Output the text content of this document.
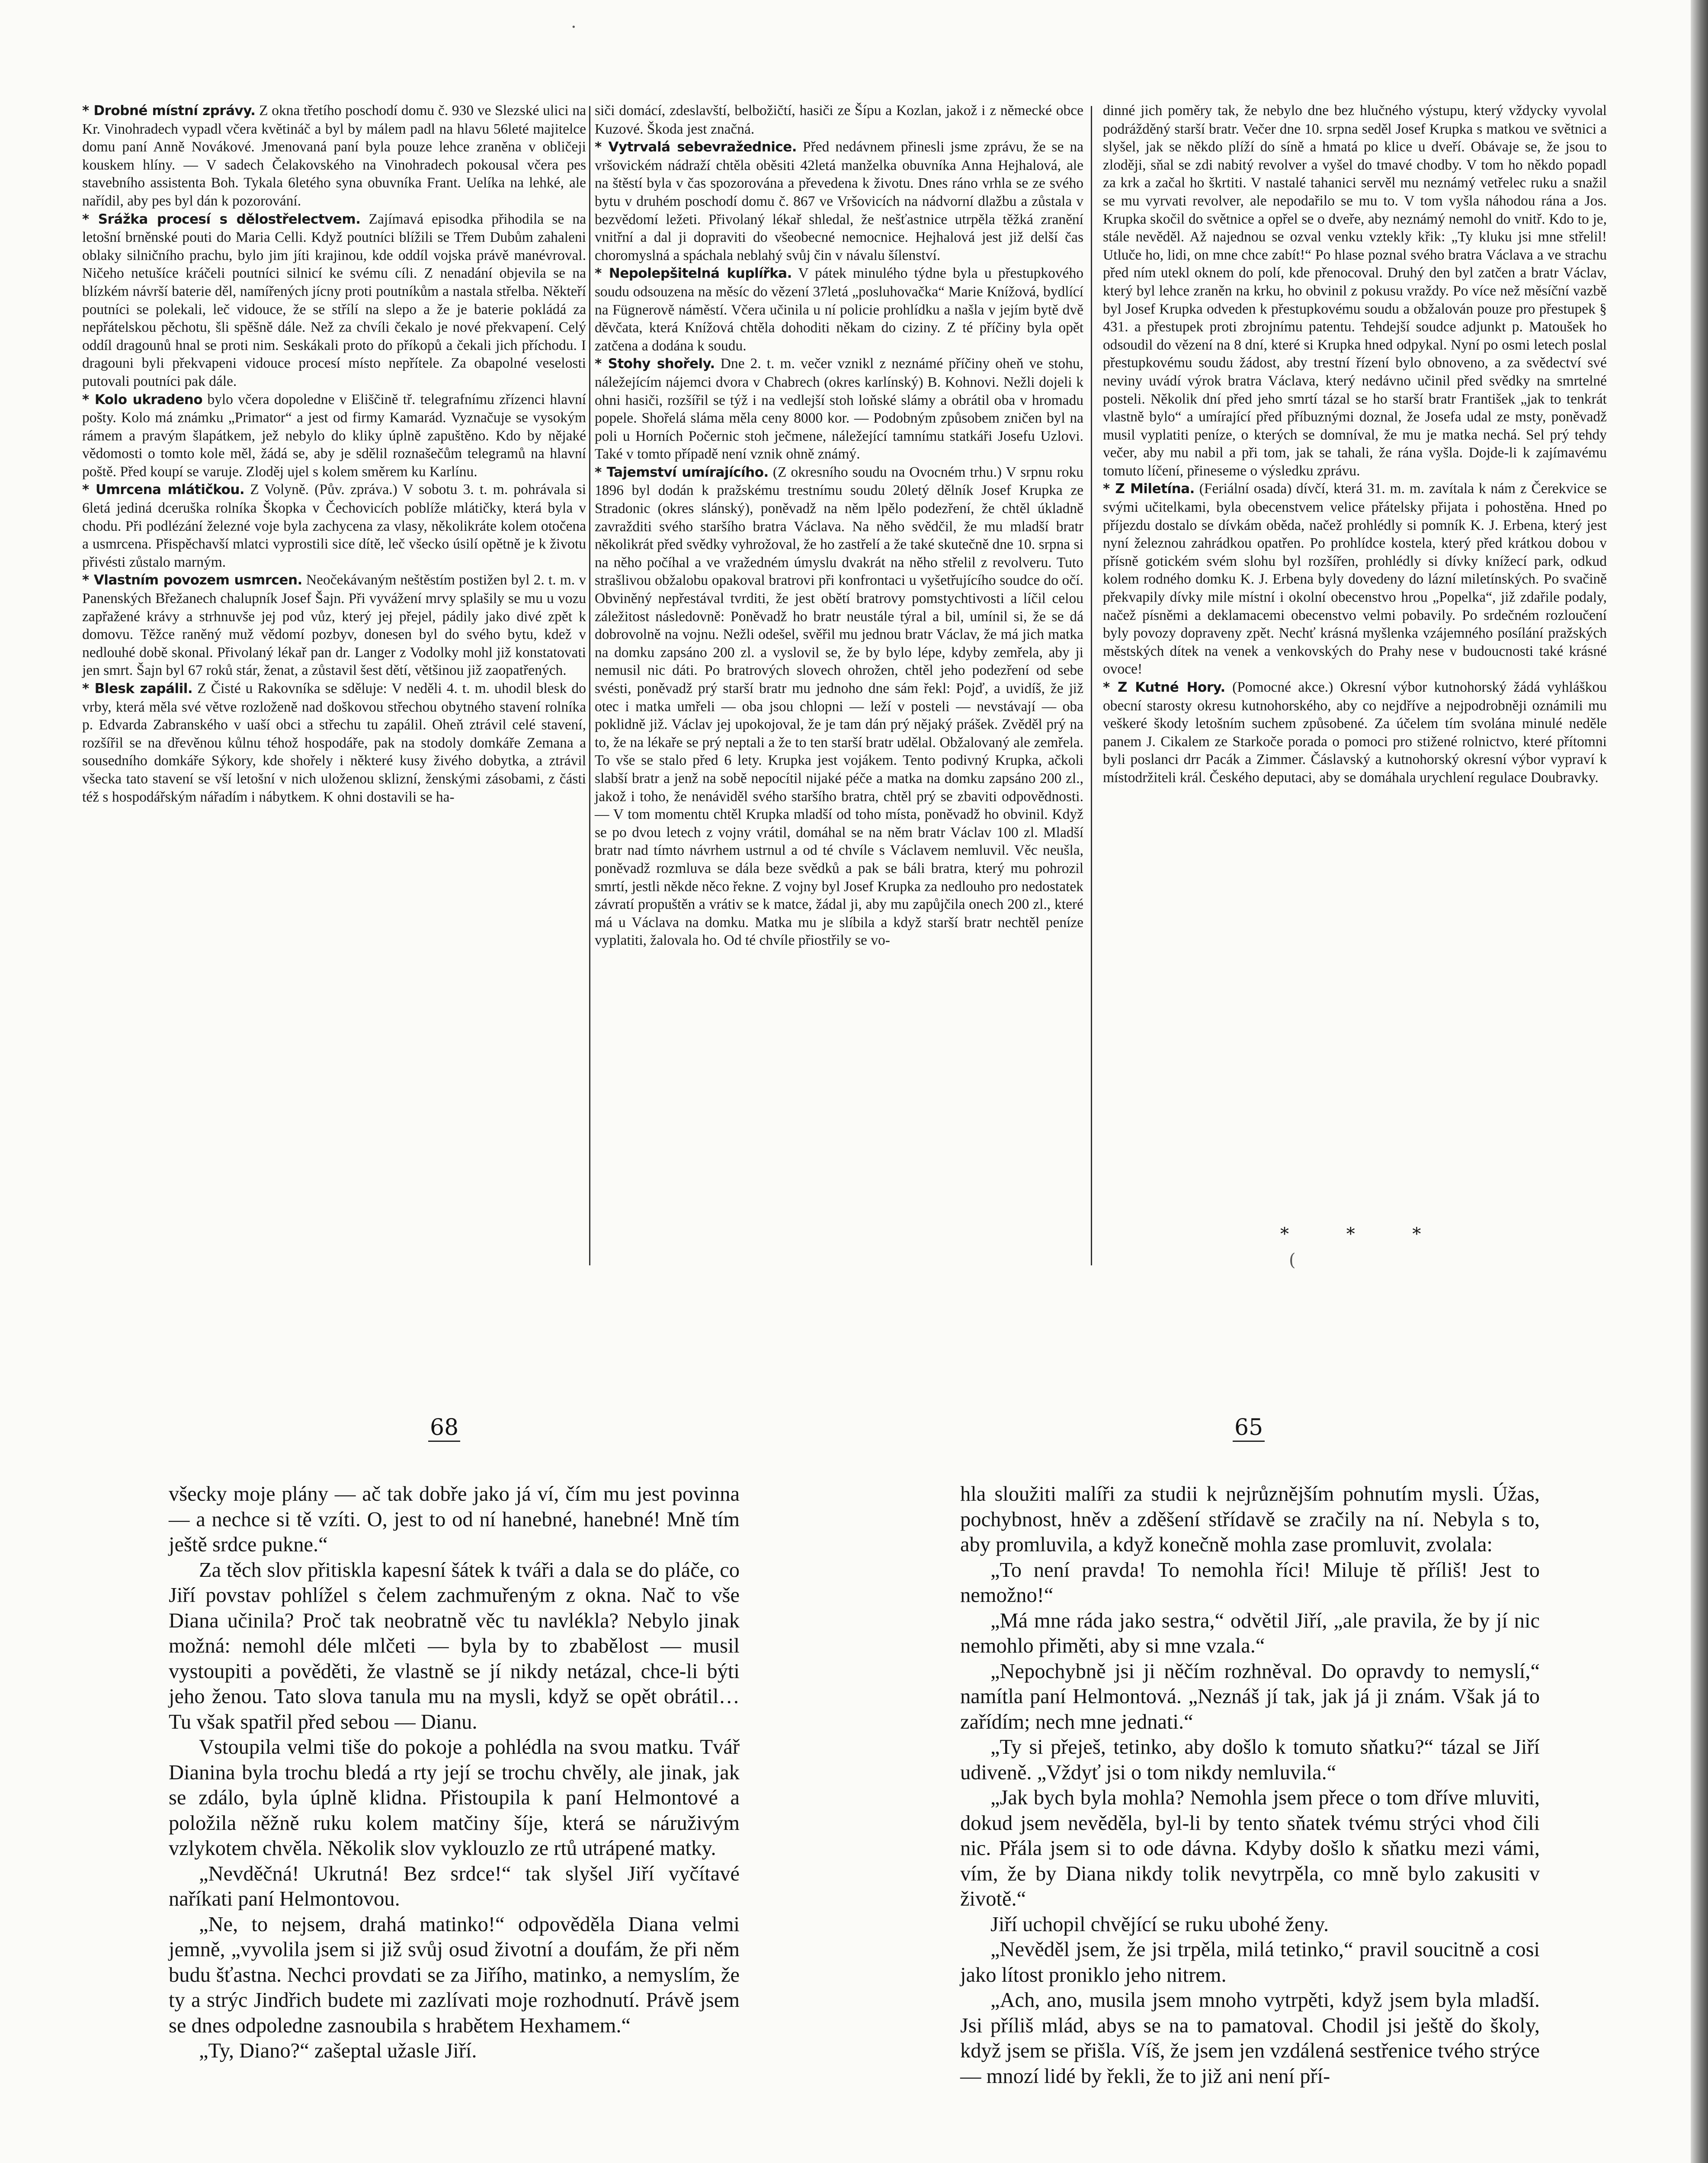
·
(

* Drobné místní zprávy. Z okna třetího poschodí domu č. 930 ve Slezské ulici na Kr. Vinohradech vypadl včera květináč a byl by málem padl na hlavu 56leté majitelce domu paní Anně Novákové. Jmenovaná paní byla pouze lehce zraněna v obličeji kouskem hlíny. — V sadech Čelakovského na Vinohradech pokousal včera pes stavebního assistenta Boh. Tykala 6letého syna obuvníka Frant. Uelíka na lehké, ale nařídil, aby pes byl dán k pozorování.

* Srážka procesí s dělostřelectvem. Zajímavá episodka přihodila se na letošní brněnské pouti do Maria Celli. Když poutníci blížili se Třem Dubům zahaleni oblaky silničního prachu, bylo jim jíti krajinou, kde oddíl vojska právě manévroval. Ničeho netušíce kráčeli poutníci silnicí ke svému cíli. Z nenadání objevila se na blízkém návrší baterie děl, namířených jícny proti poutníkům a nastala střelba. Někteří poutníci se polekali, leč vidouce, že se střílí na slepo a že je baterie pokládá za nepřátelskou pěchotu, šli spěšně dále. Než za chvíli čekalo je nové překvapení. Celý oddíl dragounů hnal se proti nim. Seskákali proto do příkopů a čekali jich příchodu. I dragouni byli překvapeni vidouce procesí místo nepřítele. Za obapolné veselosti putovali poutníci pak dále.

* Kolo ukradeno bylo včera dopoledne v Eliščině tř. telegrafnímu zřízenci hlavní pošty. Kolo má známku „Primator“ a jest od firmy Kamarád. Vyznačuje se vysokým rámem a pravým šlapátkem, jež nebylo do kliky úplně zapuštěno. Kdo by nějaké vědomosti o tomto kole měl, žádá se, aby je sdělil roznašečům telegramů na hlavní poště. Před koupí se varuje. Zloděj ujel s kolem směrem ku Karlínu.

* Umrcena mlátičkou. Z Volyně. (Pův. zpráva.) V sobotu 3. t. m. pohrávala si 6letá jediná dceruška rolníka Škopka v Čechovicích poblíže mlátičky, která byla v chodu. Při podlézání železné voje byla zachycena za vlasy, několikráte kolem otočena a usmrcena. Přispěchavší mlatci vyprostili sice dítě, leč všecko úsilí opětně je k životu přivésti zůstalo marným.

* Vlastním povozem usmrcen. Neočekávaným neštěstím postižen byl 2. t. m. v Panenských Břežanech chalupník Josef Šajn. Při vyvážení mrvy splašily se mu u vozu zapřažené krávy a strhnuvše jej pod vůz, který jej přejel, pádily jako divé zpět k domovu. Těžce raněný muž vědomí pozbyv, donesen byl do svého bytu, kdež v nedlouhé době skonal. Přivolaný lékař pan dr. Langer z Vodolky mohl již konstatovati jen smrt. Šajn byl 67 roků stár, ženat, a zůstavil šest dětí, většinou již zaopatřených.

* Blesk zapálil. Z Čisté u Rakovníka se sděluje: V neděli 4. t. m. uhodil blesk do vrby, která měla své větve rozloženě nad doškovou střechou obytného stavení rolníka p. Edvarda Zabranského v uaší obci a střechu tu zapálil. Oheň ztrávil celé stavení, rozšířil se na dřevěnou kůlnu téhož hospodáře, pak na stodoly domkáře Zemana a sousedního domkáře Sýkory, kde shořely i některé kusy živého dobytka, a ztrávil všecka tato stavení se vší letošní v nich uloženou sklizní, ženskými zásobami, z části též s hospodářským nářadím i nábytkem. K ohni dostavili se ha-

siči domácí, zdeslavští, belbožičtí, hasiči ze Šípu a Kozlan, jakož i z německé obce Kuzové. Škoda jest značná.

* Vytrvalá sebevražednice. Před nedávnem přinesli jsme zprávu, že se na vršovickém nádraží chtěla oběsiti 42letá manželka obuvníka Anna Hejhalová, ale na štěstí byla v čas spozorována a převedena k životu. Dnes ráno vrhla se ze svého bytu v druhém poschodí domu č. 867 ve Vršovicích na nádvorní dlažbu a zůstala v bezvědomí ležeti. Přivolaný lékař shledal, že nešťastnice utrpěla těžká zranění vnitřní a dal ji dopraviti do všeobecné nemocnice. Hejhalová jest již delší čas choromyslná a spáchala neblahý svůj čin v návalu šílenství.

* Nepolepšitelná kuplířka. V pátek minulého týdne byla u přestupkového soudu odsouzena na měsíc do vězení 37letá „posluhovačka“ Marie Knížová, bydlící na Fügnerově náměstí. Včera učinila u ní policie prohlídku a našla v jejím bytě dvě děvčata, která Knížová chtěla dohoditi někam do ciziny. Z té příčiny byla opět zatčena a dodána k soudu.

* Stohy shořely. Dne 2. t. m. večer vznikl z neznámé příčiny oheň ve stohu, náležejícím nájemci dvora v Chabrech (okres karlínský) B. Kohnovi. Nežli dojeli k ohni hasiči, rozšířil se týž i na vedlejší stoh loňské slámy a obrátil oba v hromadu popele. Shořelá sláma měla ceny 8000 kor. — Podobným způsobem zničen byl na poli u Horních Počernic stoh ječmene, náležející tamnímu statkáři Josefu Uzlovi. Také v tomto případě není vznik ohně známý.

* Tajemství umírajícího. (Z okresního soudu na Ovocném trhu.) V srpnu roku 1896 byl dodán k pražskému trestnímu soudu 20letý dělník Josef Krupka ze Stradonic (okres slánský), poněvadž na něm lpělo podezření, že chtěl úkladně zavražditi svého staršího bratra Václava. Na něho svědčil, že mu mladší bratr několikrát před svědky vyhrožoval, že ho zastřelí a že také skutečně dne 10. srpna si na něho počíhal a ve vražedném úmyslu dvakrát na něho střelil z revolveru. Tuto strašlivou obžalobu opakoval bratrovi při konfrontaci u vyšetřujícího soudce do očí. Obviněný nepřestával tvrditi, že jest obětí bratrovy pomstychtivosti a líčil celou záležitost následovně: Poněvadž ho bratr neustále týral a bil, umínil si, že se dá dobrovolně na vojnu. Nežli odešel, svěřil mu jednou bratr Václav, že má jich matka na domku zapsáno 200 zl. a vyslovil se, že by bylo lépe, kdyby zemřela, aby ji nemusil nic dáti. Po bratrových slovech ohrožen, chtěl jeho podezření od sebe svésti, poněvadž prý starší bratr mu jednoho dne sám řekl: Pojď, a uvidíš, že již otec i matka umřeli — oba jsou chlopni — leží v posteli — nevstávají — oba poklidně již. Václav jej upokojoval, že je tam dán prý nějaký prášek. Zvěděl prý na to, že na lékaře se prý neptali a že to ten starší bratr udělal. Obžalovaný ale zemřela. To vše se stalo před 6 lety. Krupka jest vojákem. Tento podivný Krupka, ačkoli slabší bratr a jenž na sobě nepocítil nijaké péče a matka na domku zapsáno 200 zl., jakož i toho, že nenáviděl svého staršího bratra, chtěl prý se zbaviti odpovědnosti. — V tom momentu chtěl Krupka mladší od toho místa, poněvadž ho obvinil. Když se po dvou letech z vojny vrátil, domáhal se na něm bratr Václav 100 zl. Mladší bratr nad tímto návrhem ustrnul a od té chvíle s Václavem nemluvil. Věc neušla, poněvadž rozmluva se dála beze svědků a pak se báli bratra, který mu pohrozil smrtí, jestli někde něco řekne. Z vojny byl Josef Krupka za nedlouho pro nedostatek závratí propuštěn a vrátiv se k matce, žádal ji, aby mu zapůjčila onech 200 zl., které má u Václava na domku. Matka mu je slíbila a když starší bratr nechtěl peníze vyplatiti, žalovala ho. Od té chvíle přiostřily se vo-

dinné jich poměry tak, že nebylo dne bez hlučného výstupu, který vždycky vyvolal podrážděný starší bratr. Večer dne 10. srpna seděl Josef Krupka s matkou ve světnici a slyšel, jak se někdo plíží do síně a hmatá po klice u dveří. Obávaje se, že jsou to zloději, sňal se zdi nabitý revolver a vyšel do tmavé chodby. V tom ho někdo popadl za krk a začal ho škrtiti. V nastalé tahanici servěl mu neznámý vetřelec ruku a snažil se mu vyrvati revolver, ale nepodařilo se mu to. V tom vyšla náhodou rána a Jos. Krupka skočil do světnice a opřel se o dveře, aby neznámý nemohl do vnitř. Kdo to je, stále nevěděl. Až najednou se ozval venku vztekly křik: „Ty kluku jsi mne střelil! Utluče ho, lidi, on mne chce zabít!“ Po hlase poznal svého bratra Václava a ve strachu před ním utekl oknem do polí, kde přenocoval. Druhý den byl zatčen a bratr Václav, který byl lehce zraněn na krku, ho obvinil z pokusu vraždy. Po více než měsíční vazbě byl Josef Krupka odveden k přestupkovému soudu a obžalován pouze pro přestupek § 431. a přestupek proti zbrojnímu patentu. Tehdejší soudce adjunkt p. Matoušek ho odsoudil do vězení na 8 dní, které si Krupka hned odpykal. Nyní po osmi letech poslal přestupkovému soudu žádost, aby trestní řízení bylo obnoveno, a za svědectví své neviny uvádí výrok bratra Václava, který nedávno učinil před svědky na smrtelné posteli. Několik dní před jeho smrtí tázal se ho starší bratr František „jak to tenkrát vlastně bylo“ a umírající před příbuznými doznal, že Josefa udal ze msty, poněvadž musil vyplatiti peníze, o kterých se domníval, že mu je matka nechá. Sel prý tehdy večer, aby mu nabil a při tom, jak se tahali, že rána vyšla. Dojde-li k zajímavému tomuto líčení, přineseme o výsledku zprávu.

* Z Miletína. (Feriální osada) dívčí, která 31. m. m. zavítala k nám z Čerekvice se svými učitelkami, byla obecenstvem velice přátelsky přijata i pohostěna. Hned po příjezdu dostalo se dívkám oběda, načež prohlédly si pomník K. J. Erbena, který jest nyní železnou zahrádkou opatřen. Po prohlídce kostela, který před krátkou dobou v přísně gotickém svém slohu byl rozšířen, prohlédly si dívky knížecí park, odkud kolem rodného domku K. J. Erbena byly dovedeny do lázní miletínských. Po svačině překvapily dívky mile místní i okolní obecenstvo hrou „Popelka“, již zdařile podaly, načež písněmi a deklamacemi obecenstvo velmi pobavily. Po srdečném rozloučení byly povozy dopraveny zpět. Nechť krásná myšlenka vzájemného posílání pražských městských dítek na venek a venkovských do Prahy nese v budoucnosti také krásné ovoce!

* Z Kutné Hory. (Pomocné akce.) Okresní výbor kutnohorský žádá vyhláškou obecní starosty okresu kutnohorského, aby co nejdříve a nejpodrobněji oznámili mu veškeré škody letošním suchem způsobené. Za účelem tím svolána minulé neděle panem J. Cikalem ze Starkoče porada o pomoci pro stižené rolnictvo, které přítomni byli poslanci drr Pacák a Zimmer. Čáslavský a kutnohorský okresní výbor vypraví k místodržiteli král. Českého deputaci, aby se domáhala urychlení regulace Doubravky.

* * *
68	65

všecky moje plány — ač tak dobře jako já ví, čím mu jest povinna — a nechce si tě vzíti. O, jest to od ní hanebné, hanebné! Mně tím ještě srdce pukne.“

Za těch slov přitiskla kapesní šátek k tváři a dala se do pláče, co Jiří povstav pohlížel s čelem zachmuřeným z okna. Nač to vše Diana učinila? Proč tak neobratně věc tu navlékla? Nebylo jinak možná: nemohl déle mlčeti — byla by to zbabělost — musil vystoupiti a pověděti, že vlastně se jí nikdy netázal, chce-li býti jeho ženou. Tato slova tanula mu na mysli, když se opět obrátil… Tu však spatřil před sebou — Dianu.

Vstoupila velmi tiše do pokoje a pohlédla na svou matku. Tvář Dianina byla trochu bledá a rty její se trochu chvěly, ale jinak, jak se zdálo, byla úplně klidna. Přistoupila k paní Helmontové a položila něžně ruku kolem matčiny šíje, která se náruživým vzlykotem chvěla. Několik slov vyklouzlo ze rtů utrápené matky.

„Nevděčná! Ukrutná! Bez srdce!“ tak slyšel Jiří vyčítavé naříkati paní Helmontovou.

„Ne, to nejsem, drahá matinko!“ odpověděla Diana velmi jemně, „vyvolila jsem si již svůj osud životní a doufám, že při něm budu šťastna. Nechci provdati se za Jiřího, matinko, a nemyslím, že ty a strýc Jindřich budete mi zazlívati moje rozhodnutí. Právě jsem se dnes odpoledne zasnoubila s hrabětem Hexhamem.“

„Ty, Diano?“ zašeptal užasle Jiří.

hla sloužiti malíři za studii k nejrůznějším pohnutím mysli. Úžas, pochybnost, hněv a zděšení střídavě se zračily na ní. Nebyla s to, aby promluvila, a když konečně mohla zase promluvit, zvolala:

„To není pravda! To nemohla říci! Miluje tě příliš! Jest to nemožno!“

„Má mne ráda jako sestra,“ odvětil Jiří, „ale pravila, že by jí nic nemohlo přiměti, aby si mne vzala.“

„Nepochybně jsi ji něčím rozhněval. Do opravdy to nemyslí,“ namítla paní Helmontová. „Neznáš jí tak, jak já ji znám. Však já to zařídím; nech mne jednati.“

„Ty si přeješ, tetinko, aby došlo k tomuto sňatku?“ tázal se Jiří udiveně. „Vždyť jsi o tom nikdy nemluvila.“

„Jak bych byla mohla? Nemohla jsem přece o tom dříve mluviti, dokud jsem nevěděla, byl-li by tento sňatek tvému strýci vhod čili nic. Přála jsem si to ode dávna. Kdyby došlo k sňatku mezi vámi, vím, že by Diana nikdy tolik nevytrpěla, co mně bylo zakusiti v životě.“

Jiří uchopil chvějící se ruku ubohé ženy.

„Nevěděl jsem, že jsi trpěla, milá tetinko,“ pravil soucitně a cosi jako lítost proniklo jeho nitrem.

„Ach, ano, musila jsem mnoho vytrpěti, když jsem byla mladší. Jsi příliš mlád, abys se na to pamatoval. Chodil jsi ještě do školy, když jsem se přišla. Víš, že jsem jen vzdálená sestřenice tvého strýce — mnozí lidé by řekli, že to již ani není pří-
